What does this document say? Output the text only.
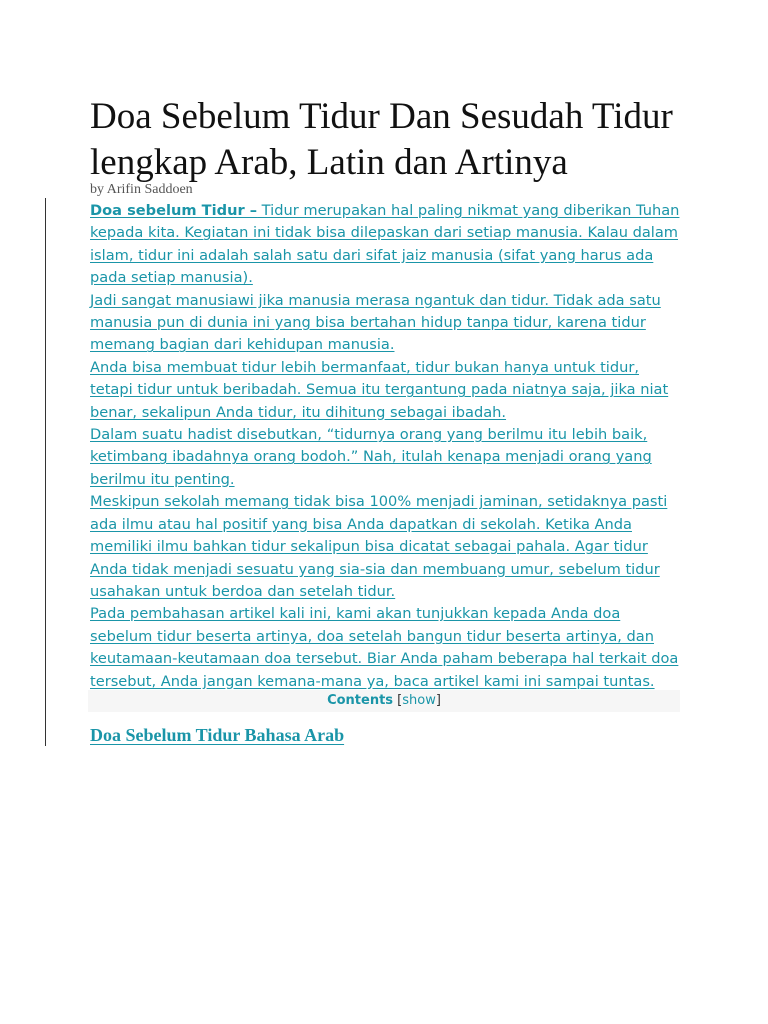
Doa Sebelum Tidur Dan Sesudah Tidur lengkap Arab, Latin dan Artinya
by Arifin Saddoen

Doa sebelum Tidur – Tidur merupakan hal paling nikmat yang diberikan Tuhan kepada kita. Kegiatan ini tidak bisa dilepaskan dari setiap manusia. Kalau dalam islam, tidur ini adalah salah satu dari sifat jaiz manusia (sifat yang harus ada pada setiap manusia).

Jadi sangat manusiawi jika manusia merasa ngantuk dan tidur. Tidak ada satu manusia pun di dunia ini yang bisa bertahan hidup tanpa tidur, karena tidur memang bagian dari kehidupan manusia.

Anda bisa membuat tidur lebih bermanfaat, tidur bukan hanya untuk tidur, tetapi tidur untuk beribadah. Semua itu tergantung pada niatnya saja, jika niat benar, sekalipun Anda tidur, itu dihitung sebagai ibadah.

Dalam suatu hadist disebutkan, “tidurnya orang yang berilmu itu lebih baik, ketimbang ibadahnya orang bodoh.” Nah, itulah kenapa menjadi orang yang berilmu itu penting.

Meskipun sekolah memang tidak bisa 100% menjadi jaminan, setidaknya pasti ada ilmu atau hal positif yang bisa Anda dapatkan di sekolah. Ketika Anda memiliki ilmu bahkan tidur sekalipun bisa dicatat sebagai pahala. Agar tidur Anda tidak menjadi sesuatu yang sia-sia dan membuang umur, sebelum tidur usahakan untuk berdoa dan setelah tidur.

Pada pembahasan artikel kali ini, kami akan tunjukkan kepada Anda doa sebelum tidur beserta artinya, doa setelah bangun tidur beserta artinya, dan keutamaan-keutamaan doa tersebut. Biar Anda paham beberapa hal terkait doa tersebut, Anda jangan kemana-mana ya, baca artikel kami ini sampai tuntas.

Contents [show]
Doa Sebelum Tidur Bahasa Arab
